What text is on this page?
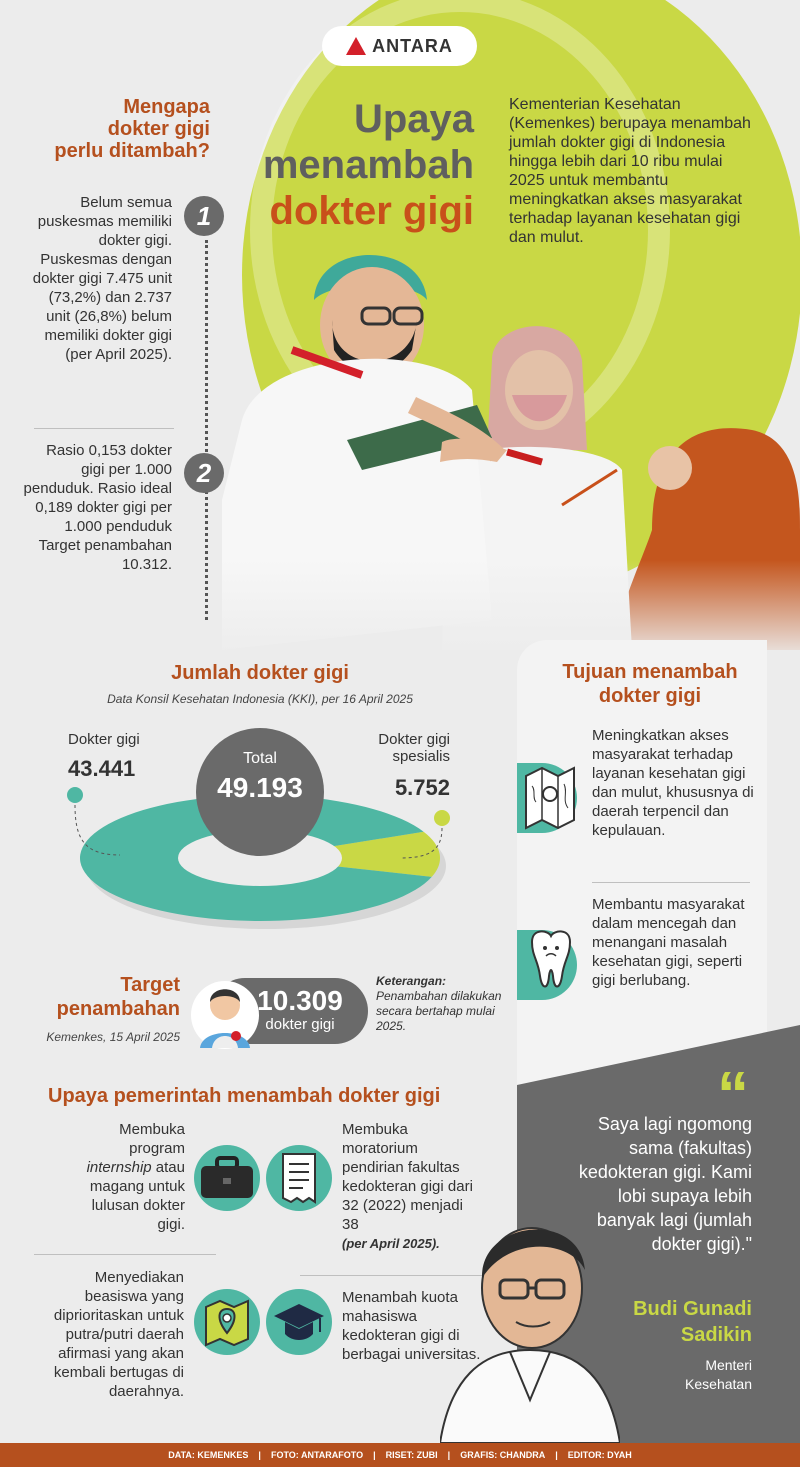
ANTARA
Upaya
menambah
dokter gigi
Kementerian Kesehatan (Kemenkes) berupaya menambah jumlah dokter gigi di Indonesia hingga lebih dari 10 ribu mulai 2025 untuk membantu meningkatkan akses masyarakat terhadap layanan kesehatan gigi dan mulut.
Mengapa
dokter gigi
perlu ditambah?
1
Belum semua puskesmas memiliki dokter gigi. Puskesmas dengan dokter gigi 7.475 unit (73,2%) dan 2.737 unit (26,8%) belum memiliki dokter gigi (per April 2025).
2
Rasio 0,153 dokter gigi per 1.000 penduduk. Rasio ideal 0,189 dokter gigi per 1.000 penduduk Target penambahan 10.312.
Jumlah dokter gigi
Data Konsil Kesehatan Indonesia (KKI), per 16 April 2025
Dokter gigi
43.441
Dokter gigi
spesialis
5.752
Total
49.193
Target
penambahan
Kemenkes, 15 April 2025
10.309
dokter gigi
Keterangan:
Penambahan dilakukan secara bertahap mulai 2025.
Upaya pemerintah menambah dokter gigi
Membuka program internship atau magang untuk lulusan dokter gigi.
Membuka moratorium pendirian fakultas kedokteran gigi dari 32 (2022) menjadi 38
(per April 2025).
Menyediakan beasiswa yang diprioritaskan untuk putra/putri daerah afirmasi yang akan kembali bertugas di daerahnya.
Menambah kuota mahasiswa kedokteran gigi di berbagai universitas.
Tujuan menambah
dokter gigi
Meningkatkan akses masyarakat terhadap layanan kesehatan gigi dan mulut, khususnya di daerah terpencil dan kepulauan.
Membantu masyarakat dalam mencegah dan menangani masalah kesehatan gigi, seperti gigi berlubang.
“
Saya lagi ngomong sama (fakultas) kedokteran gigi. Kami lobi supaya lebih banyak lagi (jumlah dokter gigi)."
Budi Gunadi
Sadikin
Menteri
Kesehatan
DATA: KEMENKES | FOTO: ANTARAFOTO | RISET: ZUBI | GRAFIS: CHANDRA | EDITOR: DYAH
